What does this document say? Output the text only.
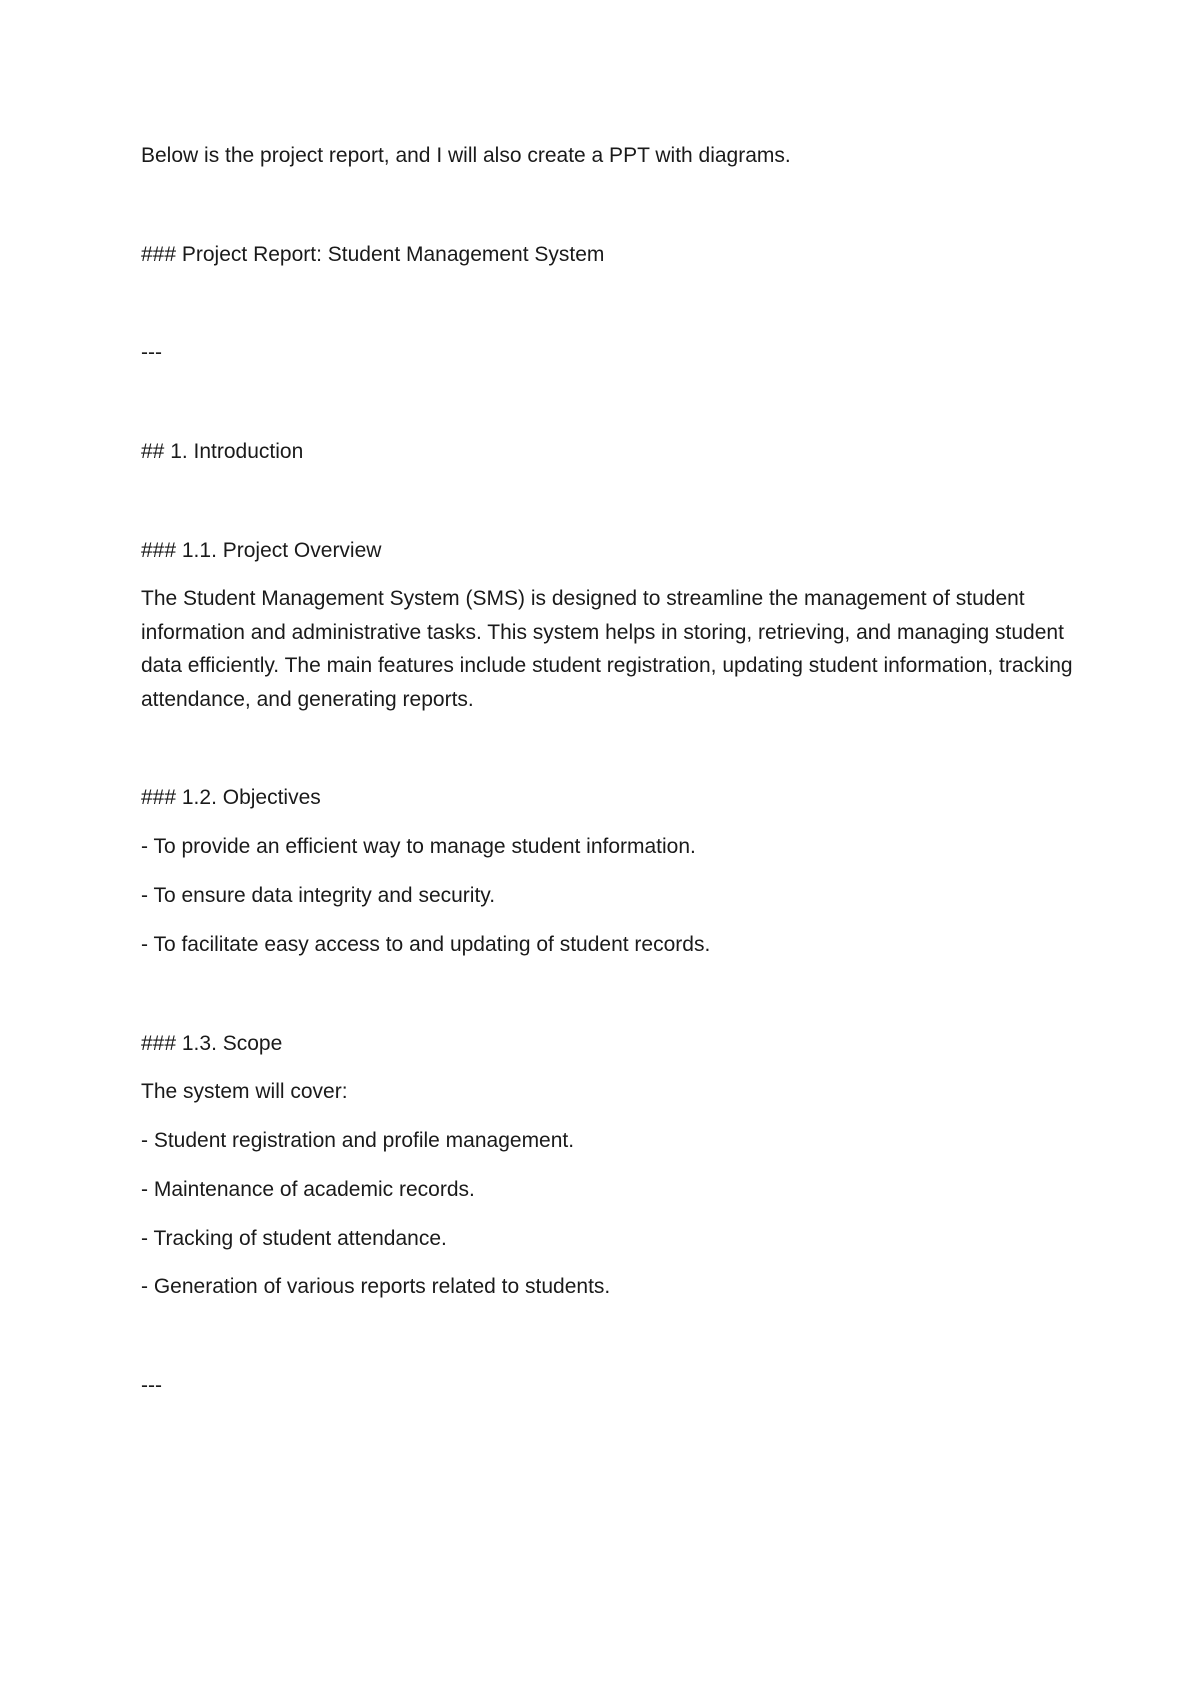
Below is the project report, and I will also create a PPT with diagrams.
### Project Report: Student Management System
---
## 1. Introduction
### 1.1. Project Overview

The Student Management System (SMS) is designed to streamline the management of student information and administrative tasks. This system helps in storing, retrieving, and managing student data efficiently. The main features include student registration, updating student information, tracking attendance, and generating reports.

### 1.2. Objectives
- To provide an efficient way to manage student information.
- To ensure data integrity and security.
- To facilitate easy access to and updating of student records.
### 1.3. Scope
The system will cover:
- Student registration and profile management.
- Maintenance of academic records.
- Tracking of student attendance.
- Generation of various reports related to students.
---
